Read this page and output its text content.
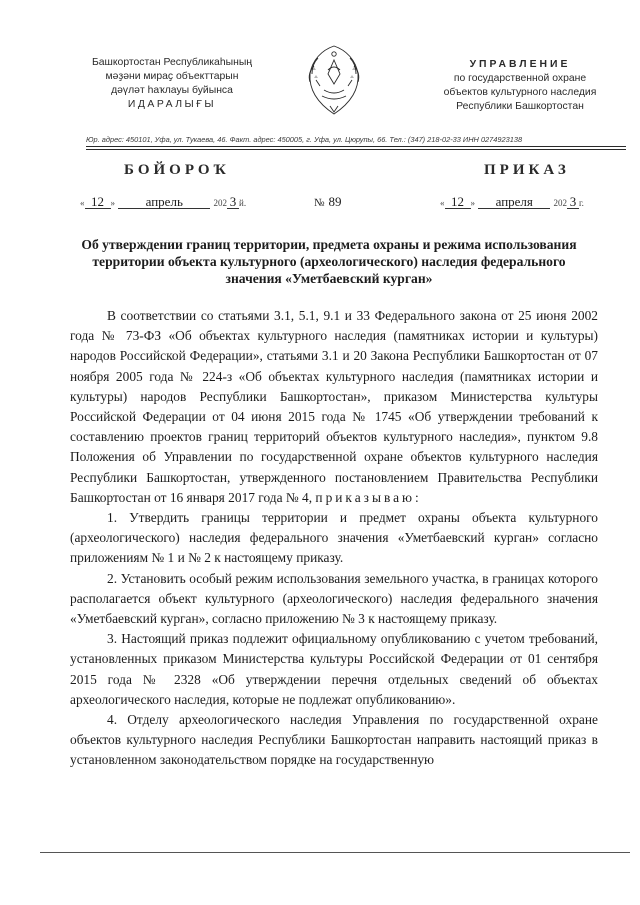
Башкортостан Республикаһының
мәҙәни мираҫ объекттарын
дәүләт һаҡлауы буйынса
ИДАРАЛЫҒЫ
УПРАВЛЕНИЕ
по государственной охране
объектов культурного наследия
Республики Башкортостан
Юр. адрес: 450101, Уфа, ул. Тукаева, 46. Факт. адрес: 450005, г. Уфа, ул. Цюрупы, 66. Тел.: (347) 218-02-33 ИНН 0274923138
БОЙОРОҠ	ПРИКАЗ
« 12 » апрель	202 3 й.	№ 89	« 12 » апреля 202 3 г.
Об утверждении границ территории, предмета охраны и режима использования территории объекта культурного (археологического) наследия федерального значения «Уметбаевский курган»

В соответствии со статьями 3.1, 5.1, 9.1 и 33 Федерального закона от 25 июня 2002 года № 73-ФЗ «Об объектах культурного наследия (памятниках истории и культуры) народов Российской Федерации», статьями 3.1 и 20 Закона Республики Башкортостан от 07 ноября 2005 года № 224-з «Об объектах культурного наследия (памятниках истории и культуры) народов Республики Башкортостан», приказом Министерства культуры Российской Федерации от 04 июня 2015 года № 1745 «Об утверждении требований к составлению проектов границ территорий объектов культурного наследия», пунктом 9.8 Положения об Управлении по государственной охране объектов культурного наследия Республики Башкортостан, утвержденного постановлением Правительства Республики Башкортостан от 16 января 2017 года № 4, приказываю:

1. Утвердить границы территории и предмет охраны объекта культурного (археологического) наследия федерального значения «Уметбаевский курган» согласно приложениям № 1 и № 2 к настоящему приказу.

2. Установить особый режим использования земельного участка, в границах которого располагается объект культурного (археологического) наследия федерального значения «Уметбаевский курган», согласно приложению № 3 к настоящему приказу.

3. Настоящий приказ подлежит официальному опубликованию с учетом требований, установленных приказом Министерства культуры Российской Федерации от 01 сентября 2015 года № 2328 «Об утверждении перечня отдельных сведений об объектах археологического наследия, которые не подлежат опубликованию».

4. Отделу археологического наследия Управления по государственной охране объектов культурного наследия Республики Башкортостан направить настоящий приказ в установленном законодательством порядке на государственную
